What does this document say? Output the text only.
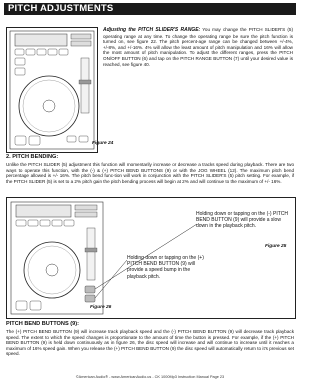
PITCH ADJUSTMENTS
Figure 24
Adjusting the PITCH SLIDER'S RANGE: You may change the PITCH SLIDER'S (5) operating range at any time. To change the operating range be sure the pitch function is turned on, see figure 22. The pitch percent-age range can be changed between +/-4%, +/-8%, and +/-16%. 4% will allow the least amount of pitch manipulation and 16% will allow the most amount of pitch manipulation. To adjust the different ranges, press the PITCH ON/OFF BUTTON (6) and tap on the PITCH RANGE BUTTON (7) until your desired value is reached, see figure 40.
2. PITCH BENDING:
Unlike the PITCH SLIDER (5) adjustment this function will momentarily increase or decrease a tracks speed during playback. There are two ways to operate this function, with the (-) & (+) PITCH BEND BUTTONS (9) or with the JOG WHEEL (12). The maximum pitch bend percentage allowed is +/- 16%. The pitch bend func-tion will work in conjunction with the PITCH SLIDER'S (5) pitch setting. For example, if the PITCH SLIDER (5) is set to a 2% pitch gain the pitch bending process will begin at 2% and will continue to the maximum of +/- 16%.
Holding down or tapping on the (-) PITCH BEND BUTTON (9) will provide a slow down in the playback pitch.
Figure 25
Holding down or tapping on the (+) PITCH BEND BUTTON (9) will provide a speed bump in the playback pitch.
Figure 26
PITCH BEND BUTTONS (9):
The (+) PITCH BEND BUTTON (9) will increase track playback speed and the (-) PITCH BEND BUTTON (9) will decrease track playback speed. The extent to which the speed changes is proportionate to the amount of time the button is pressed. For example, if the (+) PITCH BEND BUTTON (9) is held down continuously as in figure 26, the disc speed will increase and will continue to increase until it reaches a maximum of 16% speed gain. When you release the (+) PITCH BEND BUTTON (9) the disc speed will automatically return to it's previous set speed.
©American Audio® - www.AmericanAudio.us - CK 1000Mp3 Instruction Manual Page 23
